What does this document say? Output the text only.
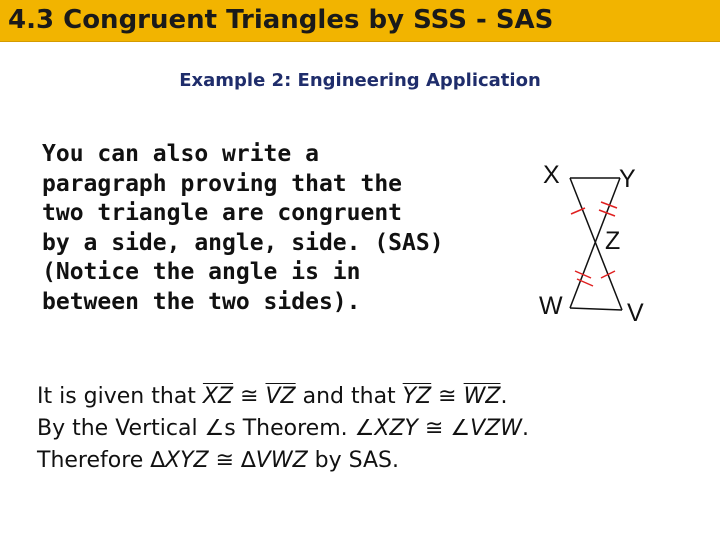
4.3 Congruent Triangles by SSS - SAS
Example 2: Engineering Application
You can also write a
paragraph proving that the
two triangle are congruent
by a side, angle, side. (SAS)
(Notice the angle is in
between the two sides).
X Y
Z
W	V
It is given that $\overline{XZ}$ ≅ $\overline{VZ}$ and that $\overline{YZ}$ ≅ $\overline{WZ}$.
By the Vertical ∠s Theorem. ∠XZY ≅ ∠VZW.
Therefore ∆XYZ ≅ ∆VWZ by SAS.
